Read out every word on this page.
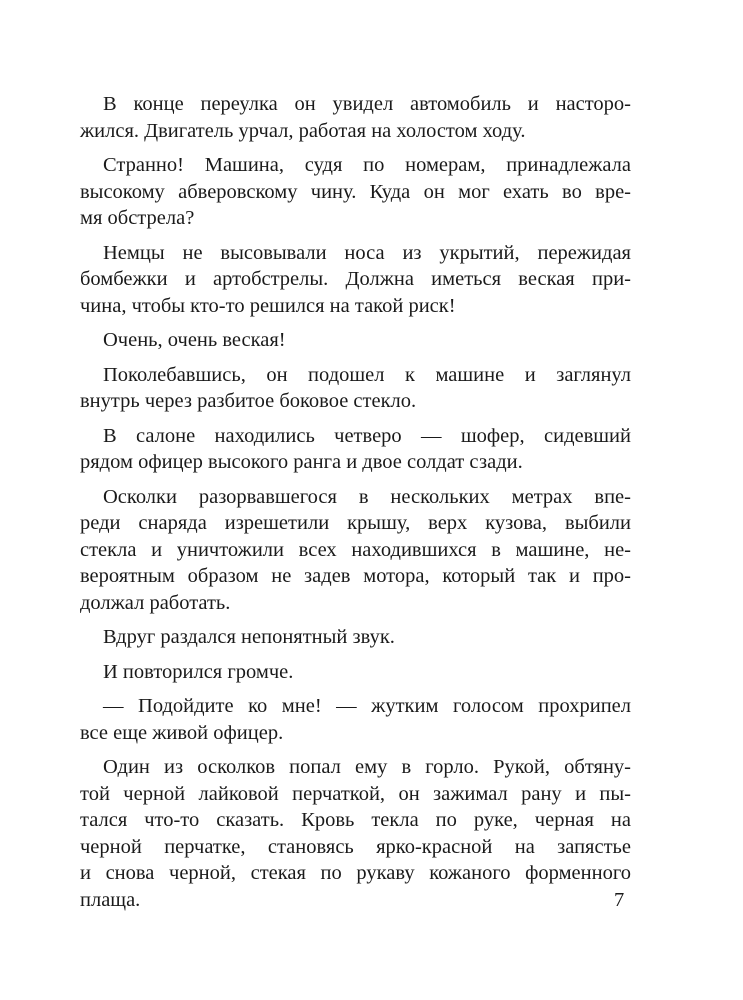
В конце переулка он увидел автомобиль и насторо-
жился. Двигатель урчал, работая на холостом ходу.
Странно! Машина, судя по номерам, принадлежала
высокому абверовскому чину. Куда он мог ехать во вре-
мя обстрела?
Немцы не высовывали носа из укрытий, пережидая
бомбежки и артобстрелы. Должна иметься веская при-
чина, чтобы кто-то решился на такой риск!
Очень, очень веская!
Поколебавшись, он подошел к машине и заглянул
внутрь через разбитое боковое стекло.
В салоне находились четверо — шофер, сидевший
рядом офицер высокого ранга и двое солдат сзади.
Осколки разорвавшегося в нескольких метрах впе-
реди снаряда изрешетили крышу, верх кузова, выбили
стекла и уничтожили всех находившихся в машине, не-
вероятным образом не задев мотора, который так и про-
должал работать.
Вдруг раздался непонятный звук.
И повторился громче.
— Подойдите ко мне! — жутким голосом прохрипел
все еще живой офицер.
Один из осколков попал ему в горло. Рукой, обтяну-
той черной лайковой перчаткой, он зажимал рану и пы-
тался что-то сказать. Кровь текла по руке, черная на
черной перчатке, становясь ярко-красной на запястье
и снова черной, стекая по рукаву кожаного форменного
плаща.	7
